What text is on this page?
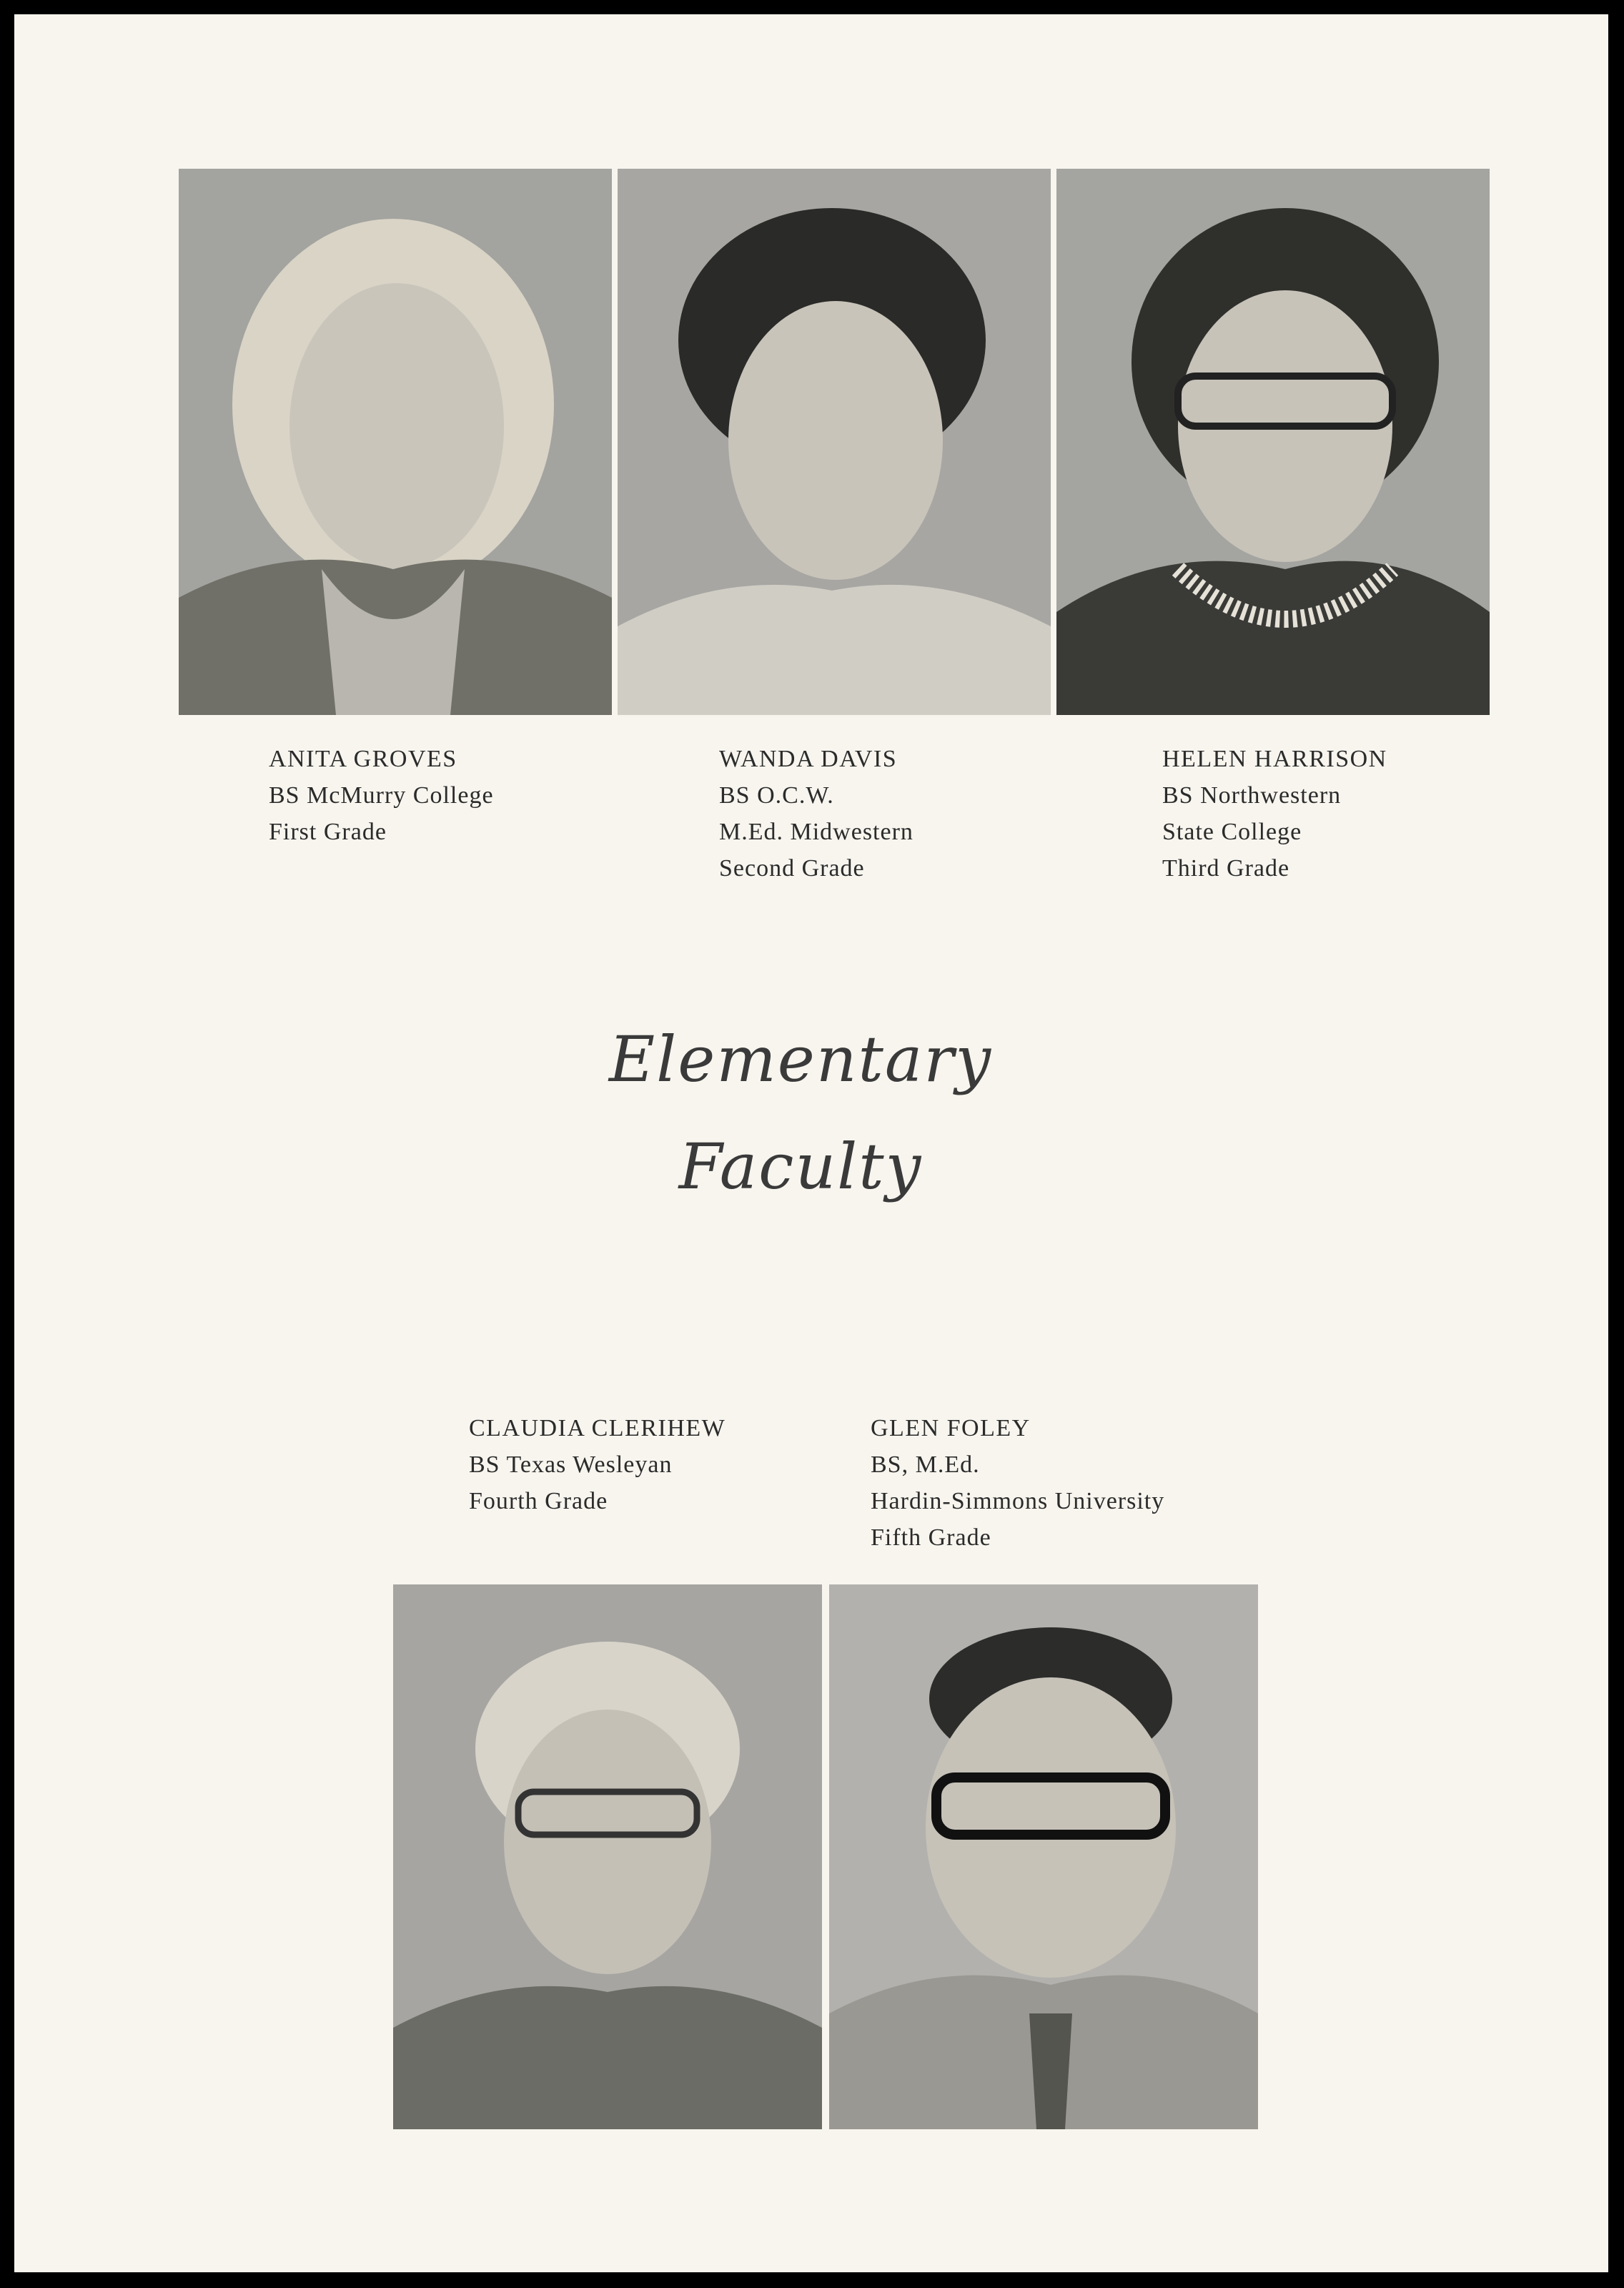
ANITA GROVES
BS McMurry College
First Grade
WANDA DAVIS
BS O.C.W.
M.Ed. Midwestern
Second Grade
HELEN HARRISON
BS Northwestern
State College
Third Grade
Elementary
Faculty
CLAUDIA CLERIHEW
BS Texas Wesleyan
Fourth Grade
GLEN FOLEY
BS, M.Ed.
Hardin-Simmons University
Fifth Grade
